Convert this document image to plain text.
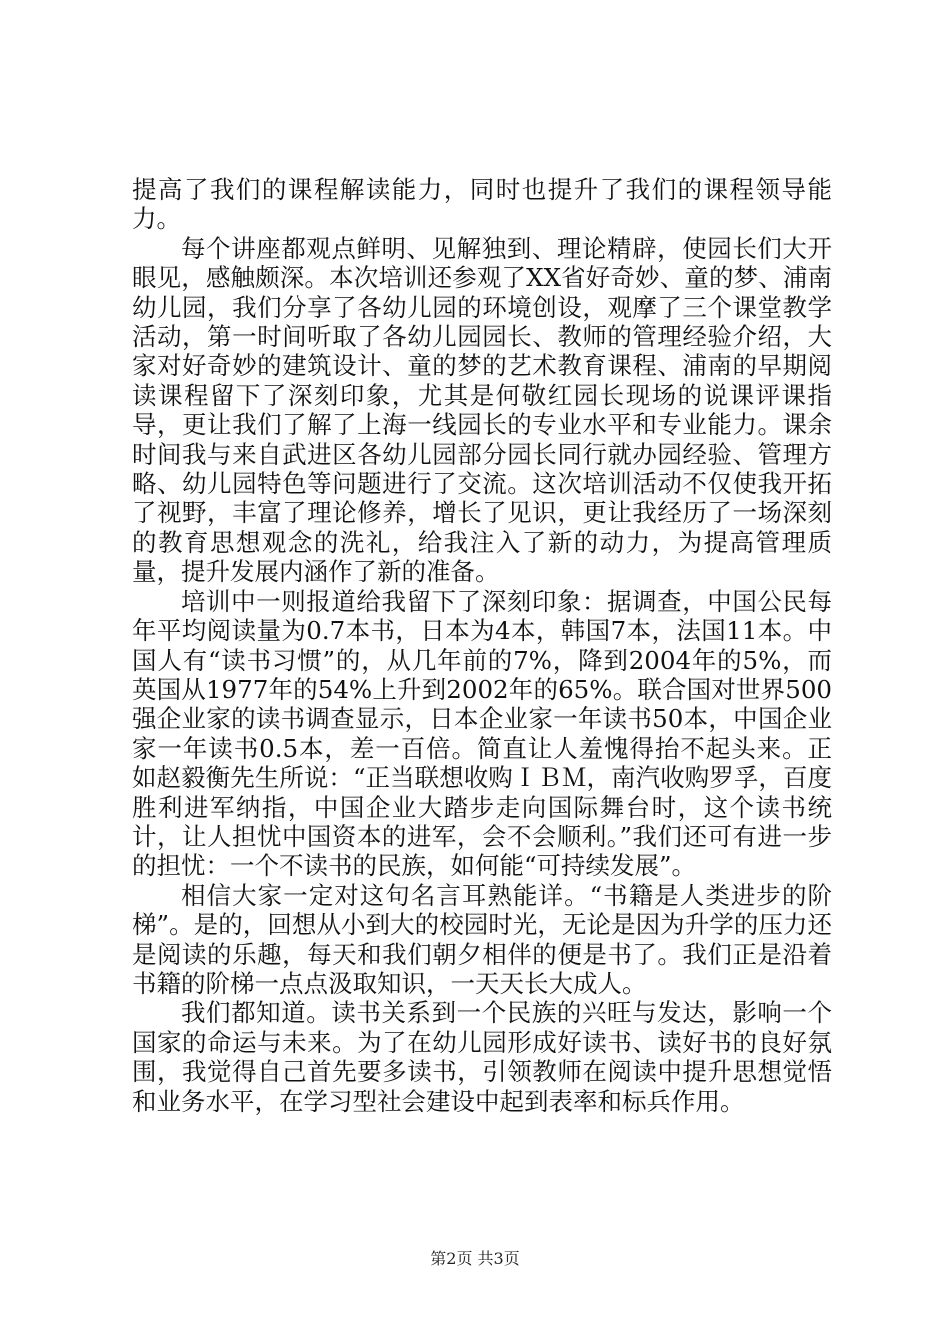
提高了我们的课程解读能力，同时也提升了我们的课程领导能力。

每个讲座都观点鲜明、见解独到、理论精辟，使园长们大开眼见，感触颇深。本次培训还参观了XX省好奇妙、童的梦、浦南幼儿园，我们分享了各幼儿园的环境创设，观摩了三个课堂教学活动，第一时间听取了各幼儿园园长、教师的管理经验介绍，大家对好奇妙的建筑设计、童的梦的艺术教育课程、浦南的早期阅读课程留下了深刻印象，尤其是何敬红园长现场的说课评课指导，更让我们了解了上海一线园长的专业水平和专业能力。课余时间我与来自武进区各幼儿园部分园长同行就办园经验、管理方略、幼儿园特色等问题进行了交流。这次培训活动不仅使我开拓了视野，丰富了理论修养，增长了见识，更让我经历了一场深刻的教育思想观念的洗礼，给我注入了新的动力，为提高管理质量，提升发展内涵作了新的准备。

培训中一则报道给我留下了深刻印象：据调查，中国公民每年平均阅读量为0.7本书，日本为4本，韩国7本，法国11本。中国人有“读书习惯”的，从几年前的7%，降到2004年的5%，而英国从1977年的54%上升到2002年的65%。联合国对世界500强企业家的读书调查显示，日本企业家一年读书50本，中国企业家一年读书0.5本，差一百倍。简直让人羞愧得抬不起头来。正如赵毅衡先生所说：“正当联想收购ＩＢＭ，南汽收购罗孚，百度胜利进军纳指，中国企业大踏步走向国际舞台时，这个读书统计，让人担忧中国资本的进军，会不会顺利。”我们还可有进一步的担忧：一个不读书的民族，如何能“可持续发展”。

相信大家一定对这句名言耳熟能详。“书籍是人类进步的阶梯”。是的，回想从小到大的校园时光，无论是因为升学的压力还是阅读的乐趣，每天和我们朝夕相伴的便是书了。我们正是沿着书籍的阶梯一点点汲取知识，一天天长大成人。

我们都知道。读书关系到一个民族的兴旺与发达，影响一个国家的命运与未来。为了在幼儿园形成好读书、读好书的良好氛围，我觉得自己首先要多读书，引领教师在阅读中提升思想觉悟和业务水平，在学习型社会建设中起到表率和标兵作用。

第2页 共3页
